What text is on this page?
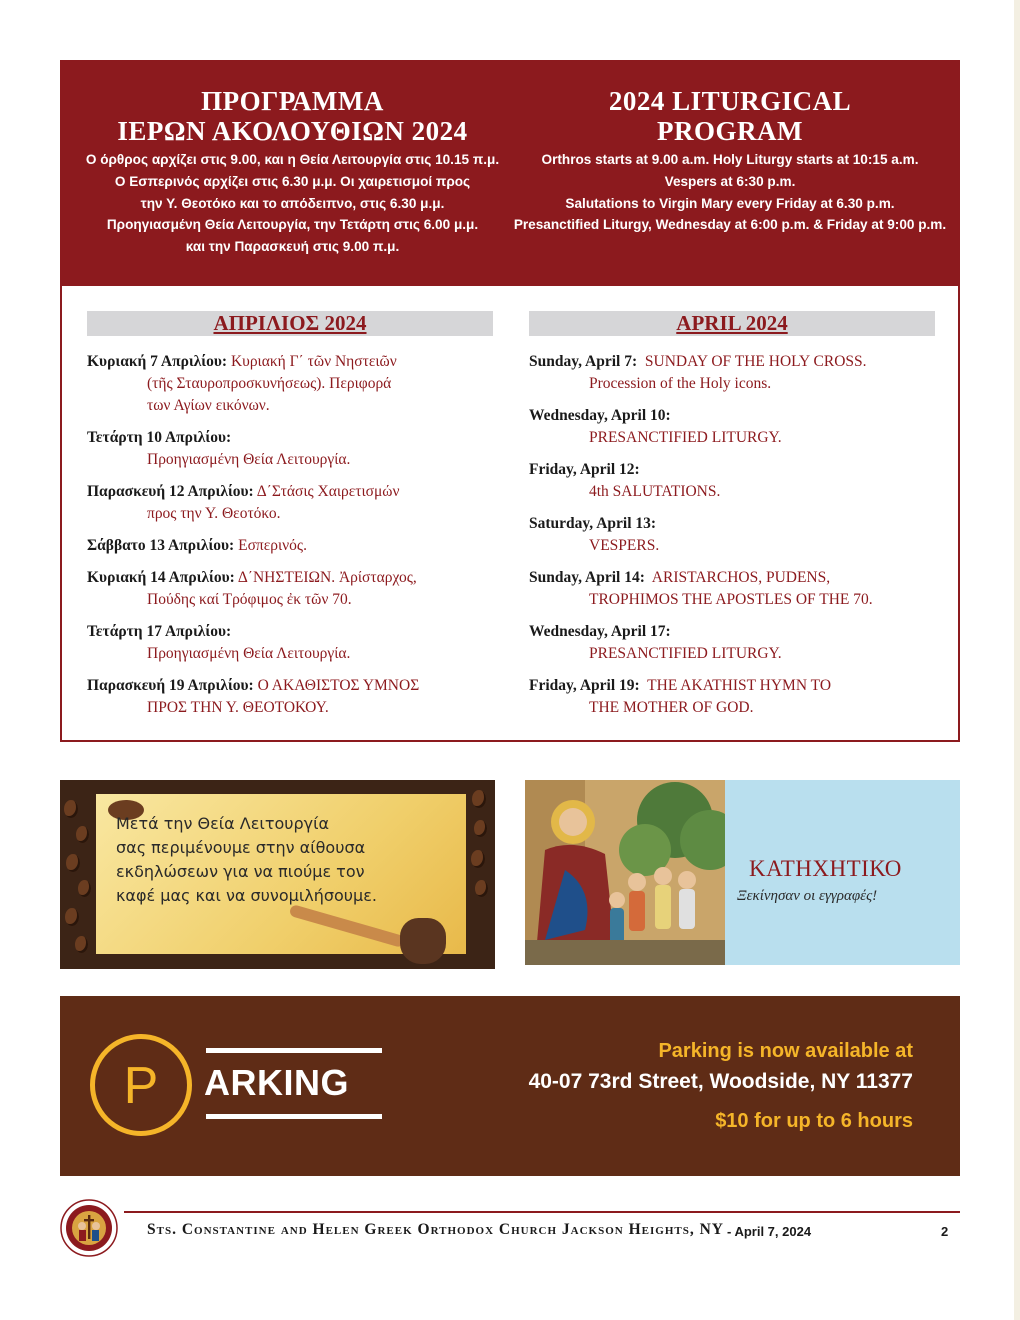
ΠΡΟΓΡΑΜΜΑ
ΙΕΡΩΝ ΑΚΟΛΟΥΘΙΩΝ 2024
Ο όρθρος αρχίζει στις 9.00, και η Θεία Λειτουργία στις 10.15 π.μ.
Ο Εσπερινός αρχίζει στις 6.30 μ.μ. Οι χαιρετισμοί προς
την Υ. Θεοτόκο και το απόδειπνο, στις 6.30 μ.μ.
Προηγιασμένη Θεία Λειτουργία, την Τετάρτη στις 6.00 μ.μ.
και την Παρασκευή στις 9.00 π.μ.
2024 LITURGICAL
PROGRAM
Orthros starts at 9.00 a.m. Holy Liturgy starts at 10:15 a.m.
Vespers at 6:30 p.m.
Salutations to Virgin Mary every Friday at 6.30 p.m.
Presanctified Liturgy, Wednesday at 6:00 p.m. & Friday at 9:00 p.m.
ΑΠΡΙΛΙΟΣ 2024
Κυριακή 7 Απριλίου: Κυριακή Γ΄ τῶν Νηστειῶν
(τῆς Σταυροπροσκυνήσεως). Περιφορά
των Αγίων εικόνων.
Τετάρτη 10 Απριλίου:
Προηγιασμένη Θεία Λειτουργία.
Παρασκευή 12 Απριλίου: Δ΄Στάσις Χαιρετισμών
προς την Υ. Θεοτόκο.
Σάββατο 13 Απριλίου: Εσπερινός.
Κυριακή 14 Απριλίου: Δ΄ΝΗΣΤΕΙΩΝ. Ἀρίσταρχος,
Πούδης καί Τρόφιμος ἐκ τῶν 70.
Τετάρτη 17 Απριλίου:
Προηγιασμένη Θεία Λειτουργία.
Παρασκευή 19 Απριλίου: Ο ΑΚΑΘΙΣΤΟΣ ΥΜΝΟΣ
ΠΡΟΣ ΤΗΝ Υ. ΘΕΟΤΟΚΟΥ.
APRIL 2024
Sunday, April 7: SUNDAY OF THE HOLY CROSS.
Procession of the Holy icons.
Wednesday, April 10:
PRESANCTIFIED LITURGY.
Friday, April 12:
4th SALUTATIONS.
Saturday, April 13:
VESPERS.
Sunday, April 14: ARISTARCHOS, PUDENS,
TROPHIMOS THE APOSTLES OF THE 70.
Wednesday, April 17:
PRESANCTIFIED LITURGY.
Friday, April 19: THE AKATHIST HYMN TO
THE MOTHER OF GOD.
Μετά την Θεία Λειτουργία
σας περιμένουμε στην αίθουσα
εκδηλώσεων για να πιούμε τον
καφέ μας και να συνομιλήσουμε.
ΚΑΤΗΧΗΤΙΚΟ
Ξεκίνησαν οι εγγραφές!
P	ARKING
Parking is now available at
40-07 73rd Street, Woodside, NY 11377
$10 for up to 6 hours
Sts. Constantine and Helen Greek Orthodox Church Jackson Heights, NY - April 7, 2024	2
